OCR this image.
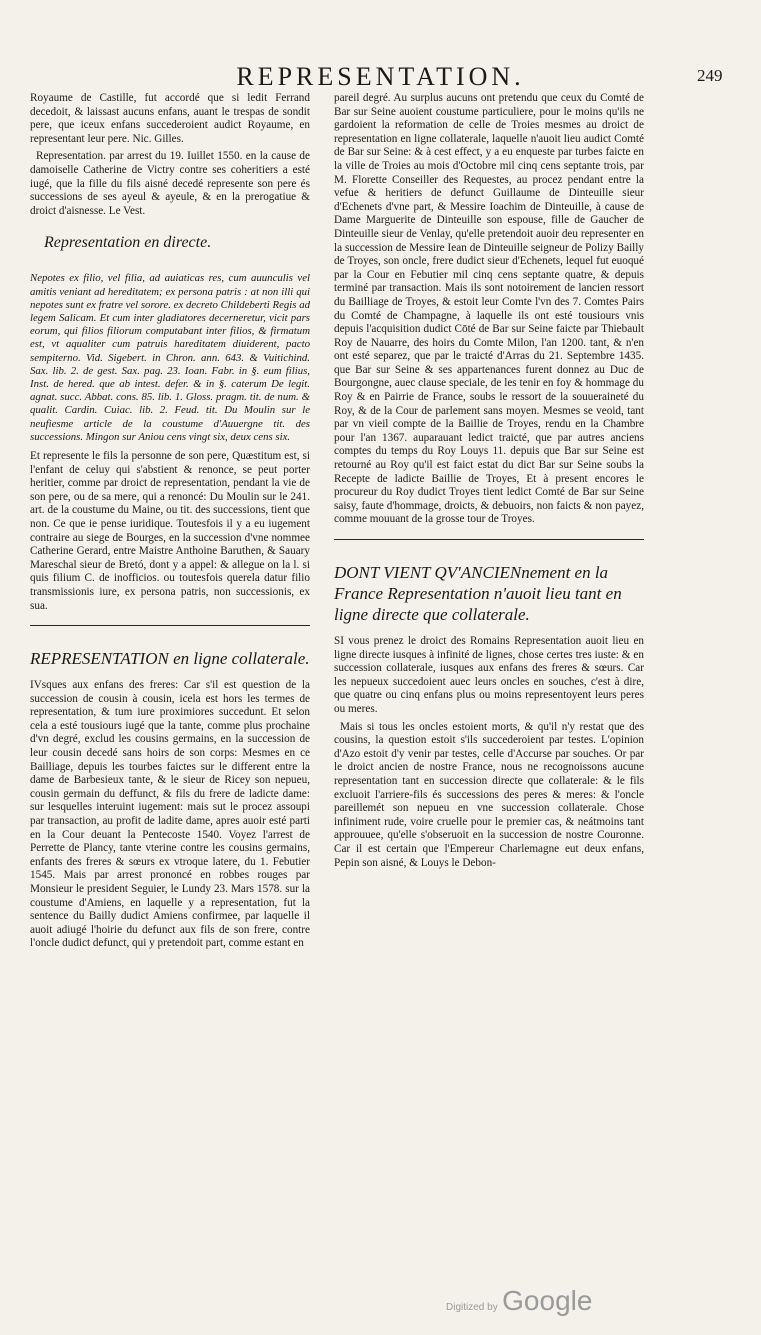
REPRESENTATION.	249

Royaume de Castille, fut accordé que si ledit Ferrand decedoit, & laissast aucuns enfans, auant le trespas de sondit pere, que iceux enfans succederoient audict Royaume, en representant leur pere. Nic. Gilles.

Representation. par arrest du 19. Iuillet 1550. en la cause de damoiselle Catherine de Victry contre ses coheritiers a esté iugé, que la fille du fils aisné decedé represente son pere és successions de ses ayeul & ayeule, & en la prerogatiue & droict d'aisnesse. Le Vest.

Representation en directe.

Nepotes ex filio, vel filia, ad auiaticas res, cum auunculis vel amitis veniant ad hereditatem; ex persona patris : at non illi qui nepotes sunt ex fratre vel sorore. ex decreto Childeberti Regis ad legem Salicam. Et cum inter gladiatores decerneretur, vicit pars eorum, qui filios filiorum computabant inter filios, & firmatum est, vt aqualiter cum patruis hareditatem diuiderent, pacto sempiterno. Vid. Sigebert. in Chron. ann. 643. & Vuitichind. Sax. lib. 2. de gest. Sax. pag. 23. Ioan. Fabr. in §. eum filius, Inst. de hered. que ab intest. defer. & in §. caterum De legit. agnat. succ. Abbat. cons. 85. lib. 1. Gloss. pragm. tit. de num. & qualit. Cardin. Cuiac. lib. 2. Feud. tit. Du Moulin sur le neufiesme article de la coustume d'Auuergne tit. des successions. Mingon sur Aniou cens vingt six, deux cens six.

Et represente le fils la personne de son pere, Quæstitum est, si l'enfant de celuy qui s'abstient & renonce, se peut porter heritier, comme par droict de representation, pendant la vie de son pere, ou de sa mere, qui a renoncé: Du Moulin sur le 241. art. de la coustume du Maine, ou tit. des successions, tient que non. Ce que ie pense iuridique. Toutesfois il y a eu iugement contraire au siege de Bourges, en la succession d'vne nommee Catherine Gerard, entre Maistre Anthoine Baruthen, & Sauary Mareschal sieur de Bretó, dont y a appel: & allegue on la l. si quis filium C. de inofficios. ou toutesfois querela datur filio transmissionis iure, ex persona patris, non successionis, ex sua.

REPRESENTATION en ligne collaterale.

IVsques aux enfans des freres: Car s'il est question de la succession de cousin à cousin, icela est hors les termes de representation, & tum iure proximiores succedunt. Et selon cela a esté tousiours iugé que la tante, comme plus prochaine d'vn degré, exclud les cousins germains, en la succession de leur cousin decedé sans hoirs de son corps: Mesmes en ce Bailliage, depuis les tourbes faictes sur le different entre la dame de Barbesieux tante, & le sieur de Ricey son nepueu, cousin germain du deffunct, & fils du frere de ladicte dame: sur lesquelles interuint iugement: mais sut le procez assoupi par transaction, au profit de ladite dame, apres auoir esté parti en la Cour deuant la Pentecoste 1540. Voyez l'arrest de Perrette de Plancy, tante vterine contre les cousins germains, enfants des freres & sœurs ex vtroque latere, du 1. Febutier 1545. Mais par arrest prononcé en robbes rouges par Monsieur le president Seguier, le Lundy 23. Mars 1578. sur la coustume d'Amiens, en laquelle y a representation, fut la sentence du Bailly dudict Amiens confirmee, par laquelle il auoit adiugé l'hoirie du defunct aux fils de son frere, contre l'oncle dudict defunct, qui y pretendoit part, comme estant en

pareil degré. Au surplus aucuns ont pretendu que ceux du Comté de Bar sur Seine auoient coustume particuliere, pour le moins qu'ils ne gardoient la reformation de celle de Troies mesmes au droict de representation en ligne collaterale, laquelle n'auoit lieu audict Comté de Bar sur Seine: & à cest effect, y a eu enqueste par turbes faicte en la ville de Troies au mois d'Octobre mil cinq cens septante trois, par M. Florette Conseiller des Requestes, au procez pendant entre la vefue & heritiers de defunct Guillaume de Dinteuille sieur d'Echenets d'vne part, & Messire Ioachim de Dinteuille, à cause de Dame Marguerite de Dinteuille son espouse, fille de Gaucher de Dinteuille sieur de Venlay, qu'elle pretendoit auoir deu representer en la succession de Messire Iean de Dinteuille seigneur de Polizy Bailly de Troyes, son oncle, frere dudict sieur d'Echenets, lequel fut euoqué par la Cour en Febutier mil cinq cens septante quatre, & depuis terminé par transaction. Mais ils sont notoirement de lancien ressort du Bailliage de Troyes, & estoit leur Comte l'vn des 7. Comtes Pairs du Comté de Champagne, à laquelle ils ont esté tousiours vnis depuis l'acquisition dudict Cōté de Bar sur Seine faicte par Thiebault Roy de Nauarre, des hoirs du Comte Milon, l'an 1200. tant, & n'en ont esté separez, que par le traicté d'Arras du 21. Septembre 1435. que Bar sur Seine & ses appartenances furent donnez au Duc de Bourgongne, auec clause speciale, de les tenir en foy & hommage du Roy & en Pairrie de France, soubs le ressort de la souueraineté du Roy, & de la Cour de parlement sans moyen. Mesmes se veoid, tant par vn vieil compte de la Baillie de Troyes, rendu en la Chambre pour l'an 1367. auparauant ledict traicté, que par autres anciens comptes du temps du Roy Louys 11. depuis que Bar sur Seine est retourné au Roy qu'il est faict estat du dict Bar sur Seine soubs la Recepte de ladicte Baillie de Troyes, Et à present encores le procureur du Roy dudict Troyes tient ledict Comté de Bar sur Seine saisy, faute d'hommage, droicts, & debuoirs, non faicts & non payez, comme mouuant de la grosse tour de Troyes.

DONT VIENT QV'ANCIENnement en la France Representation n'auoit lieu tant en ligne directe que collaterale.

SI vous prenez le droict des Romains Representation auoit lieu en ligne directe iusques à infinité de lignes, chose certes tres iuste: & en succession collaterale, iusques aux enfans des freres & sœurs. Car les nepueux succedoient auec leurs oncles en souches, c'est à dire, que quatre ou cinq enfans plus ou moins representoyent leurs peres ou meres.

Mais si tous les oncles estoient morts, & qu'il n'y restat que des cousins, la question estoit s'ils succederoient par testes. L'opinion d'Azo estoit d'y venir par testes, celle d'Accurse par souches. Or par le droict ancien de nostre France, nous ne recognoissons aucune representation tant en succession directe que collaterale: & le fils excluoit l'arriere-fils és successions des peres & meres: & l'oncle pareillemét son nepueu en vne succession collaterale. Chose infiniment rude, voire cruelle pour le premier cas, & neátmoins tant approuuee, qu'elle s'obseruoit en la succession de nostre Couronne. Car il est certain que l'Empereur Charlemagne eut deux enfans, Pepin son aisné, & Louys le Debon-

Digitized by Google
